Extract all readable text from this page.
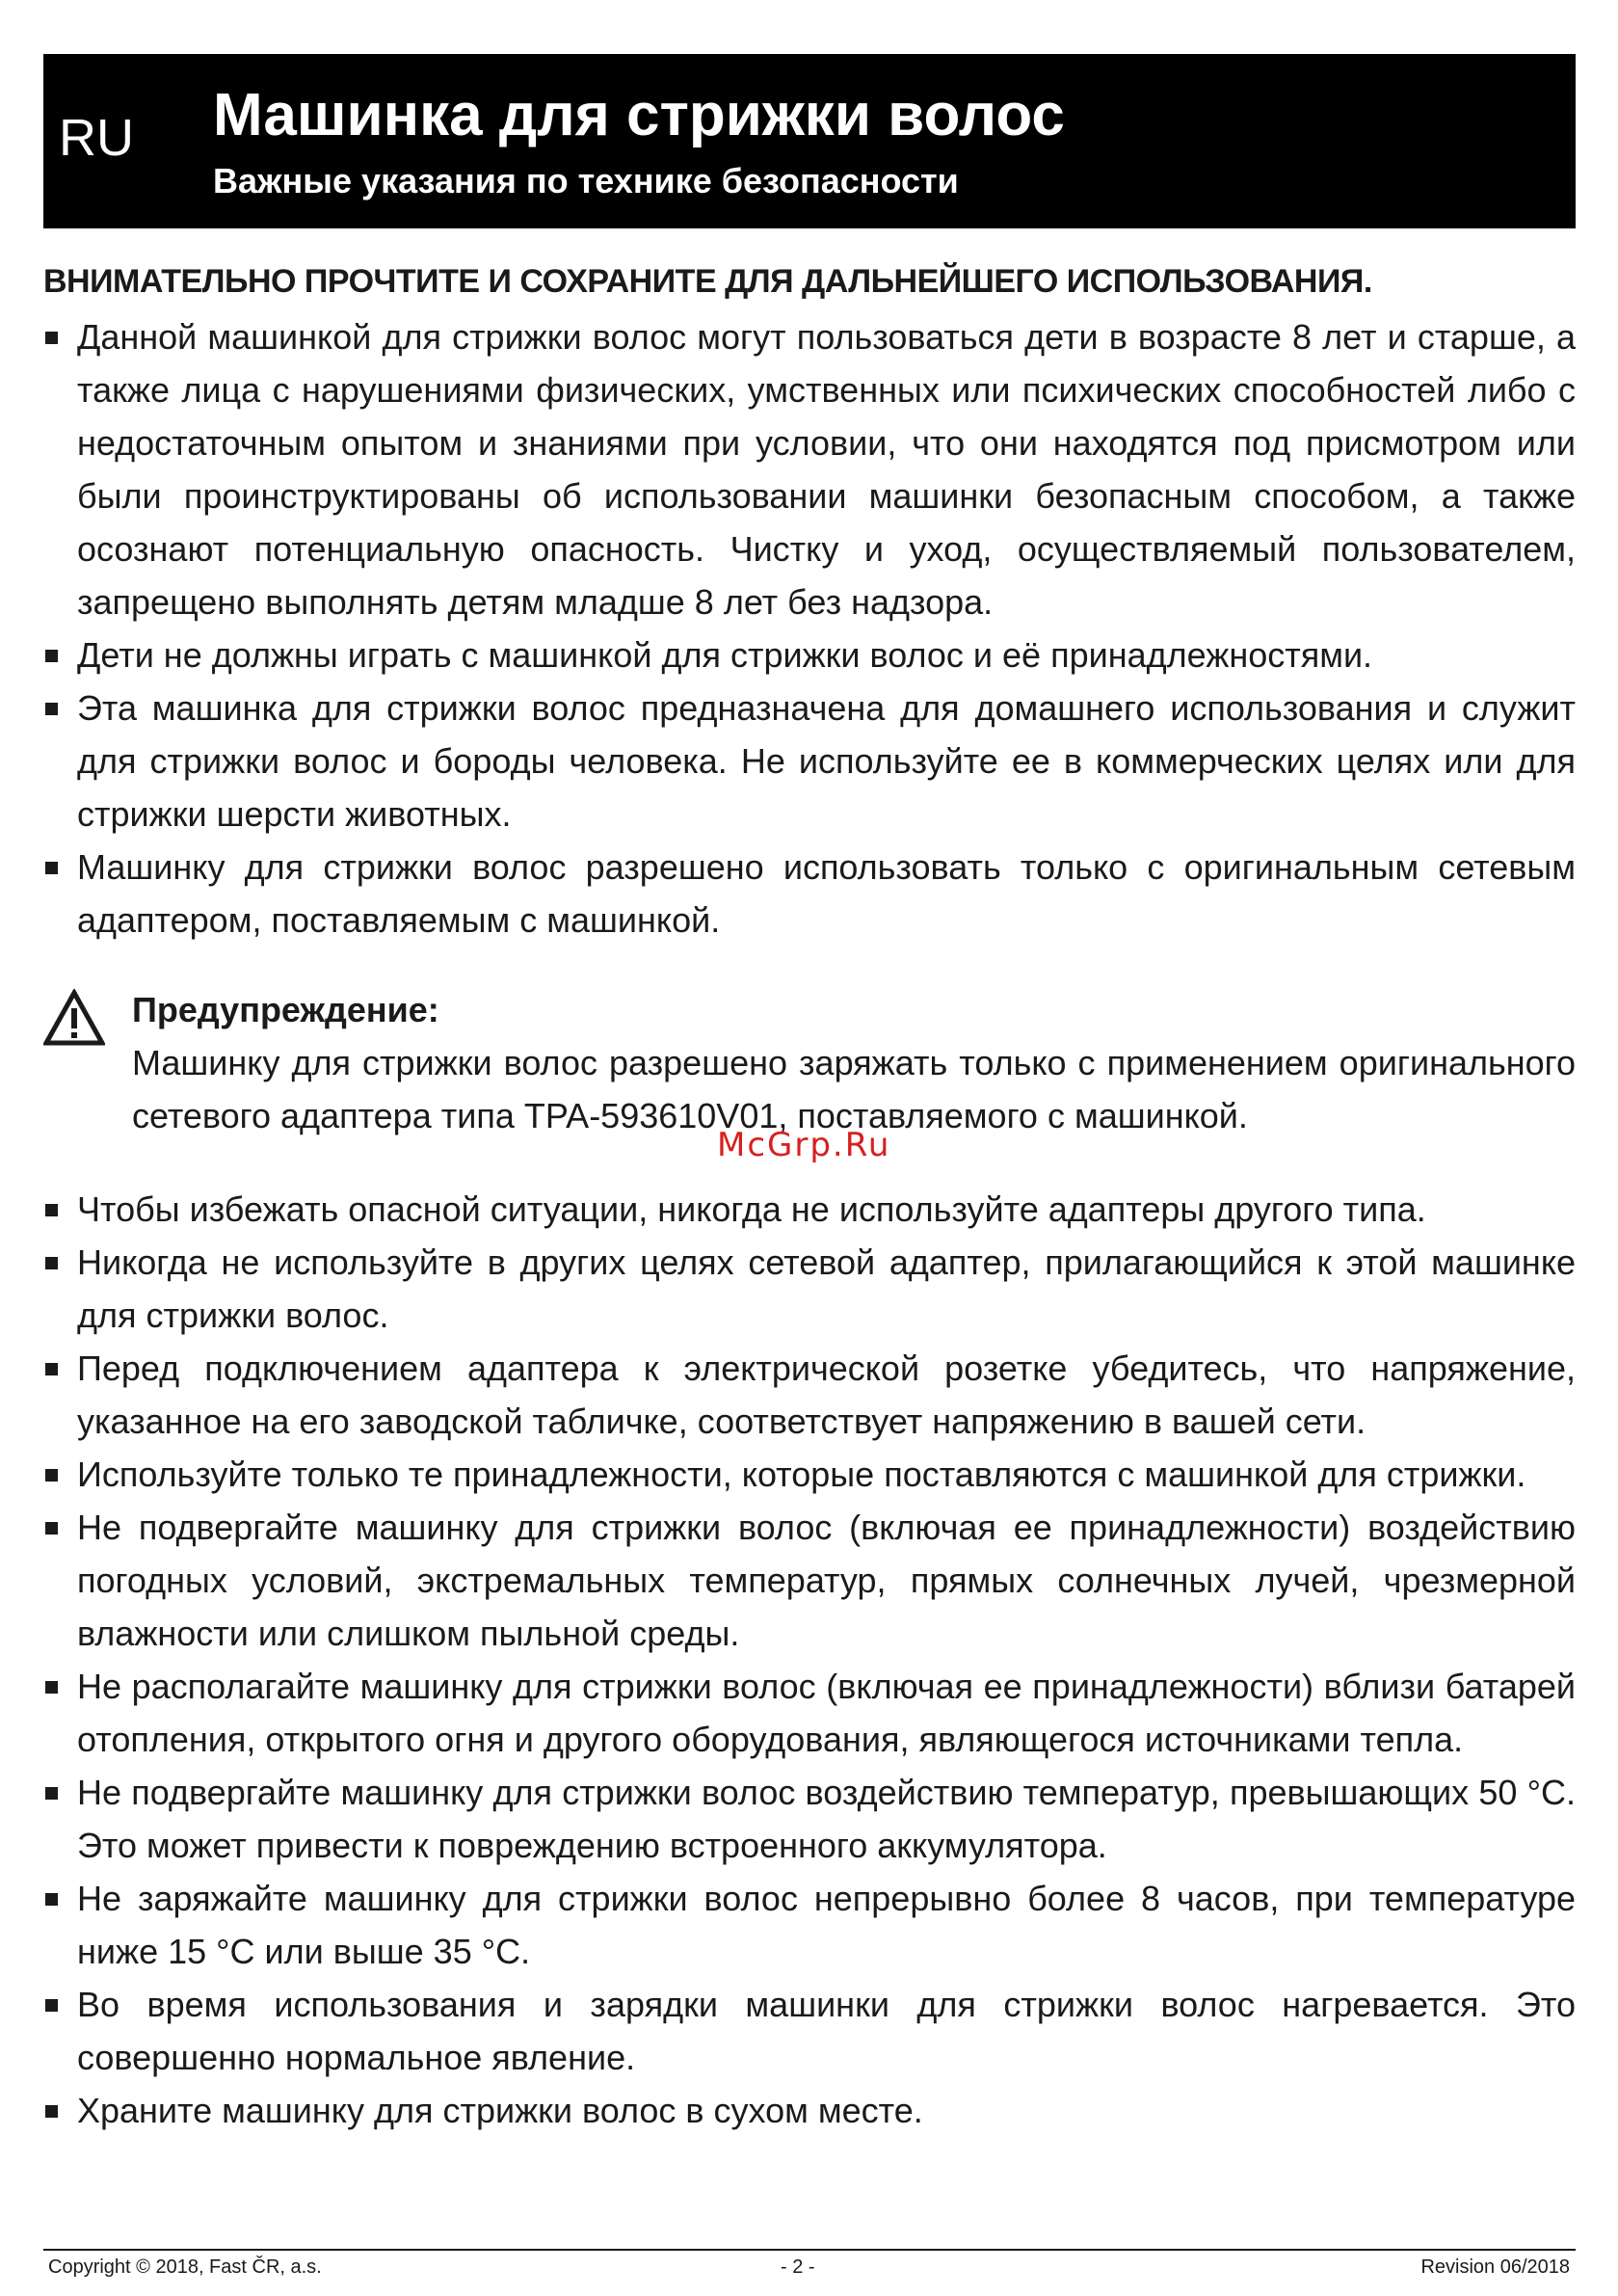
RU Машинка для стрижки волос
Важные указания по технике безопасности
ВНИМАТЕЛЬНО ПРОЧТИТЕ И СОХРАНИТЕ ДЛЯ ДАЛЬНЕЙШЕГО ИСПОЛЬЗОВАНИЯ.
Данной машинкой для стрижки волос могут пользоваться дети в возрасте 8 лет и старше, а также лица с нарушениями физических, умственных или психических способностей либо с недостаточным опытом и знаниями при условии, что они находятся под присмотром или были проинструктированы об использовании машинки безопасным способом, а также осознают потенциальную опасность. Чистку и уход, осуществляемый пользователем, запрещено выполнять детям младше 8 лет без надзора.
Дети не должны играть с машинкой для стрижки волос и её принадлежностями.
Эта машинка для стрижки волос предназначена для домашнего использования и служит для стрижки волос и бороды человека. Не используйте ее в коммерческих целях или для стрижки шерсти животных.
Машинку для стрижки волос разрешено использовать только с оригинальным сетевым адаптером, поставляемым с машинкой.
Предупреждение:
Машинку для стрижки волос разрешено заряжать только с применением оригинального сетевого адаптера типа TPA-593610V01, поставляемого с машинкой.
McGrp.Ru
Чтобы избежать опасной ситуации, никогда не используйте адаптеры другого типа.
Никогда не используйте в других целях сетевой адаптер, прилагающийся к этой машинке для стрижки волос.
Перед подключением адаптера к электрической розетке убедитесь, что напряжение, указанное на его заводской табличке, соответствует напряжению в вашей сети.
Используйте только те принадлежности, которые поставляются с машинкой для стрижки.
Не подвергайте машинку для стрижки волос (включая ее принадлежности) воздействию погодных условий, экстремальных температур, прямых солнечных лучей, чрезмерной влажности или слишком пыльной среды.
Не располагайте машинку для стрижки волос (включая ее принадлежности) вблизи батарей отопления, открытого огня и другого оборудования, являющегося источниками тепла.
Не подвергайте машинку для стрижки волос воздействию температур, превышающих 50 °C. Это может привести к повреждению встроенного аккумулятора.
Не заряжайте машинку для стрижки волос непрерывно более 8 часов, при температуре ниже 15 °C или выше 35 °C.
Во время использования и зарядки машинки для стрижки волос нагревается. Это совершенно нормальное явление.
Храните машинку для стрижки волос в сухом месте.
Copyright © 2018, Fast ČR, a.s.	- 2 -	Revision 06/2018
